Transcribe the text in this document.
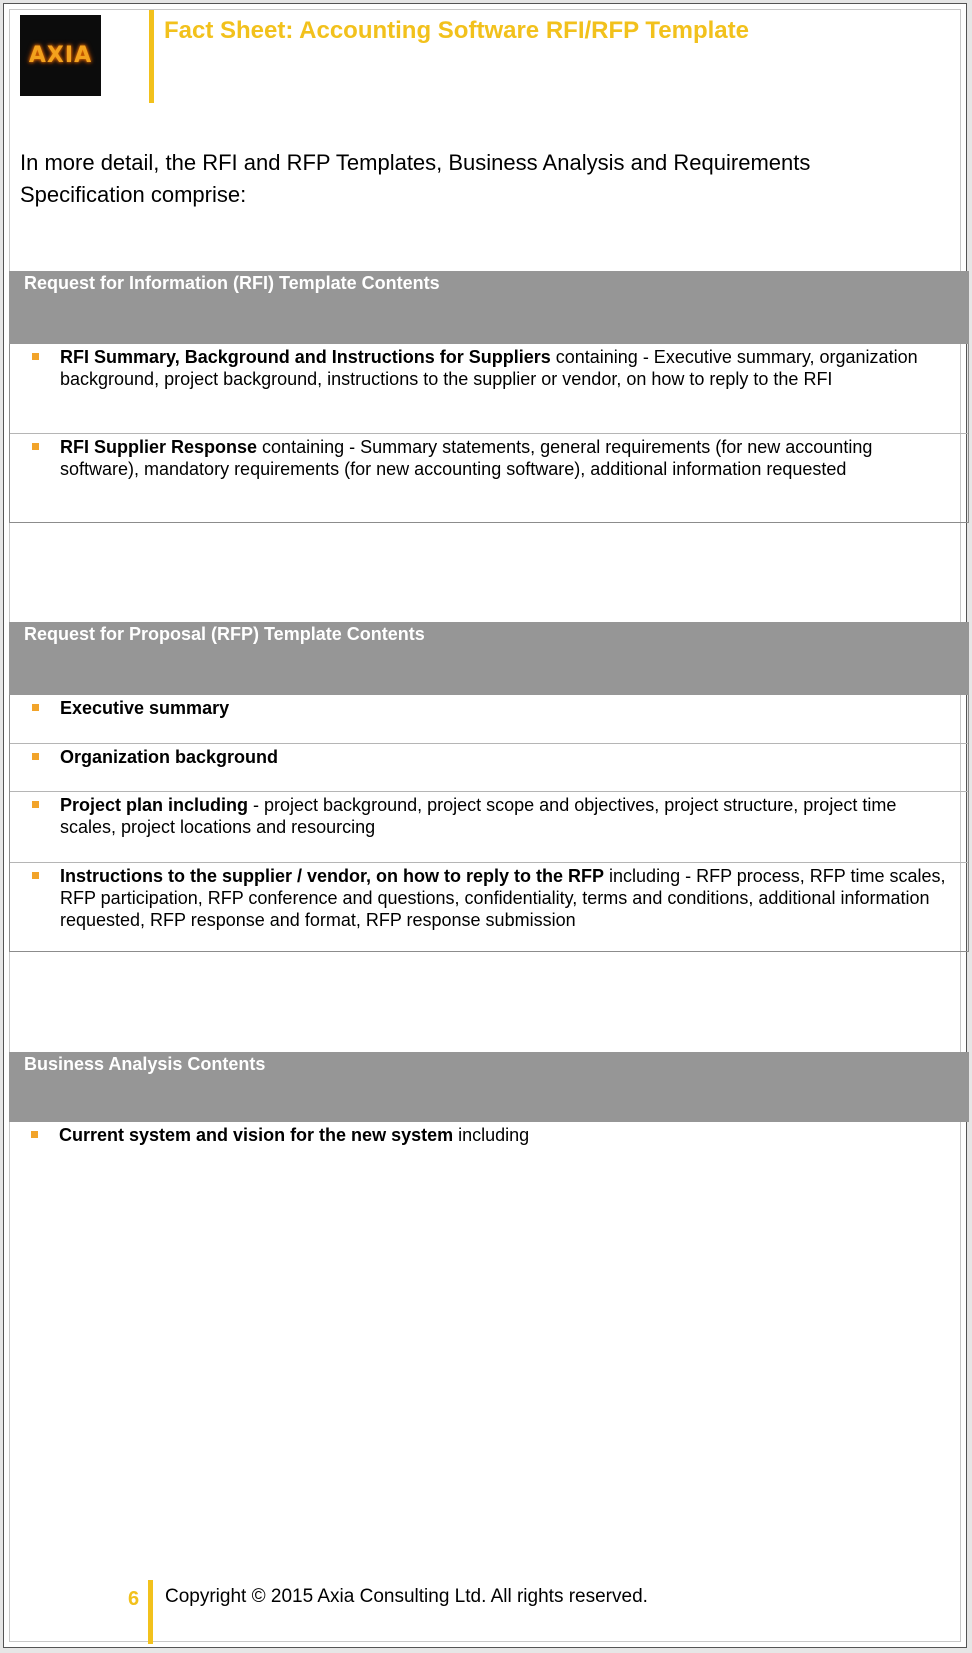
AXIA
Fact Sheet: Accounting Software RFI/RFP Template
In more detail, the RFI and RFP Templates, Business Analysis and Requirements Specification comprise:
Request for Information (RFI) Template Contents
RFI Summary, Background and Instructions for Suppliers containing - Executive summary, organization background, project background, instructions to the supplier or vendor, on how to reply to the RFI
RFI Supplier Response containing - Summary statements, general requirements (for new accounting software), mandatory requirements (for new accounting software), additional information requested
Request for Proposal (RFP) Template Contents
Executive summary
Organization background
Project plan including - project background, project scope and objectives, project structure, project time scales, project locations and resourcing
Instructions to the supplier / vendor, on how to reply to the RFP including - RFP process, RFP time scales, RFP participation, RFP conference and questions, confidentiality, terms and conditions, additional information requested, RFP response and format, RFP response submission
Business Analysis Contents
Current system and vision for the new system including
6 Copyright © 2015 Axia Consulting Ltd. All rights reserved.
